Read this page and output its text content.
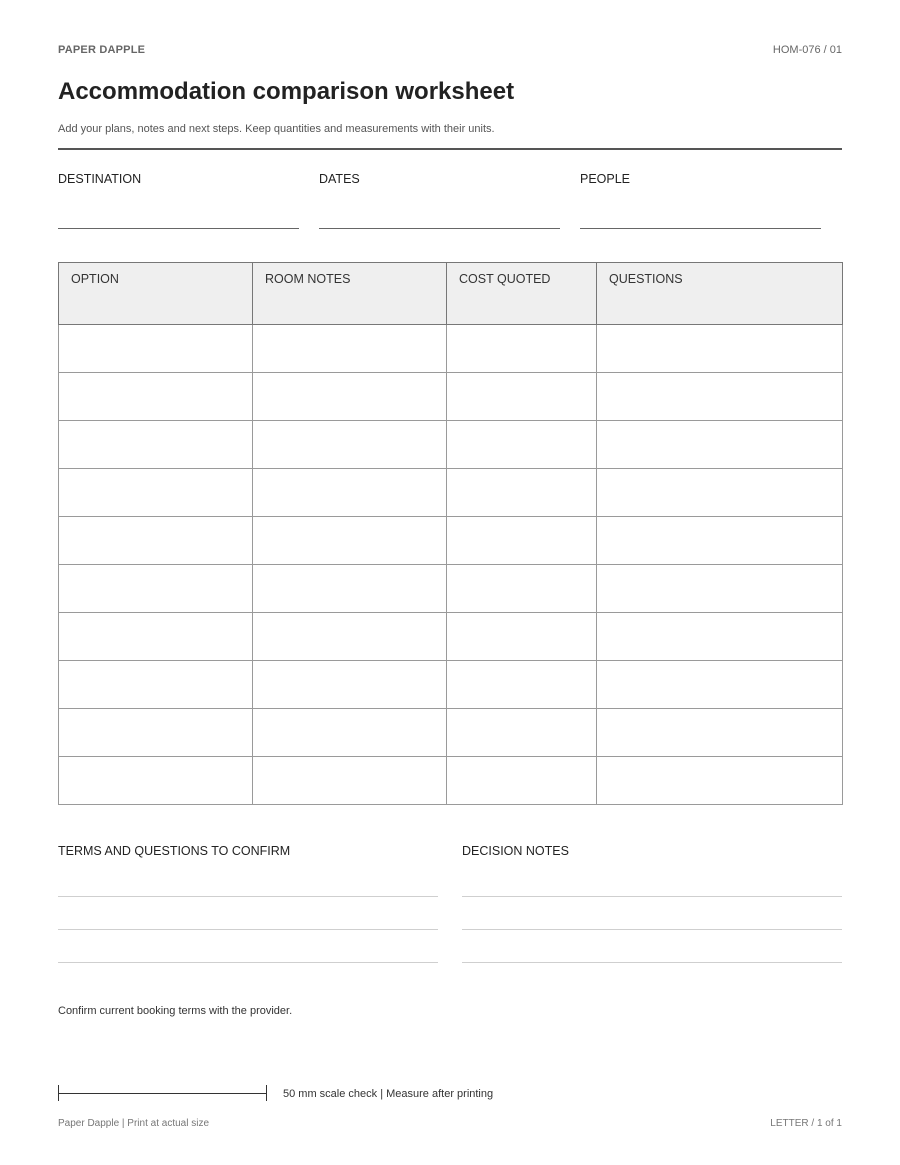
PAPER DAPPLE	HOM-076 / 01
Accommodation comparison worksheet
Add your plans, notes and next steps. Keep quantities and measurements with their units.
DESTINATION	DATES	PEOPLE
OPTION	ROOM NOTES	COST QUOTED	QUESTIONS

TERMS AND QUESTIONS TO CONFIRM	DECISION NOTES
Confirm current booking terms with the provider.
50 mm scale check | Measure after printing
Paper Dapple | Print at actual size	LETTER / 1 of 1
